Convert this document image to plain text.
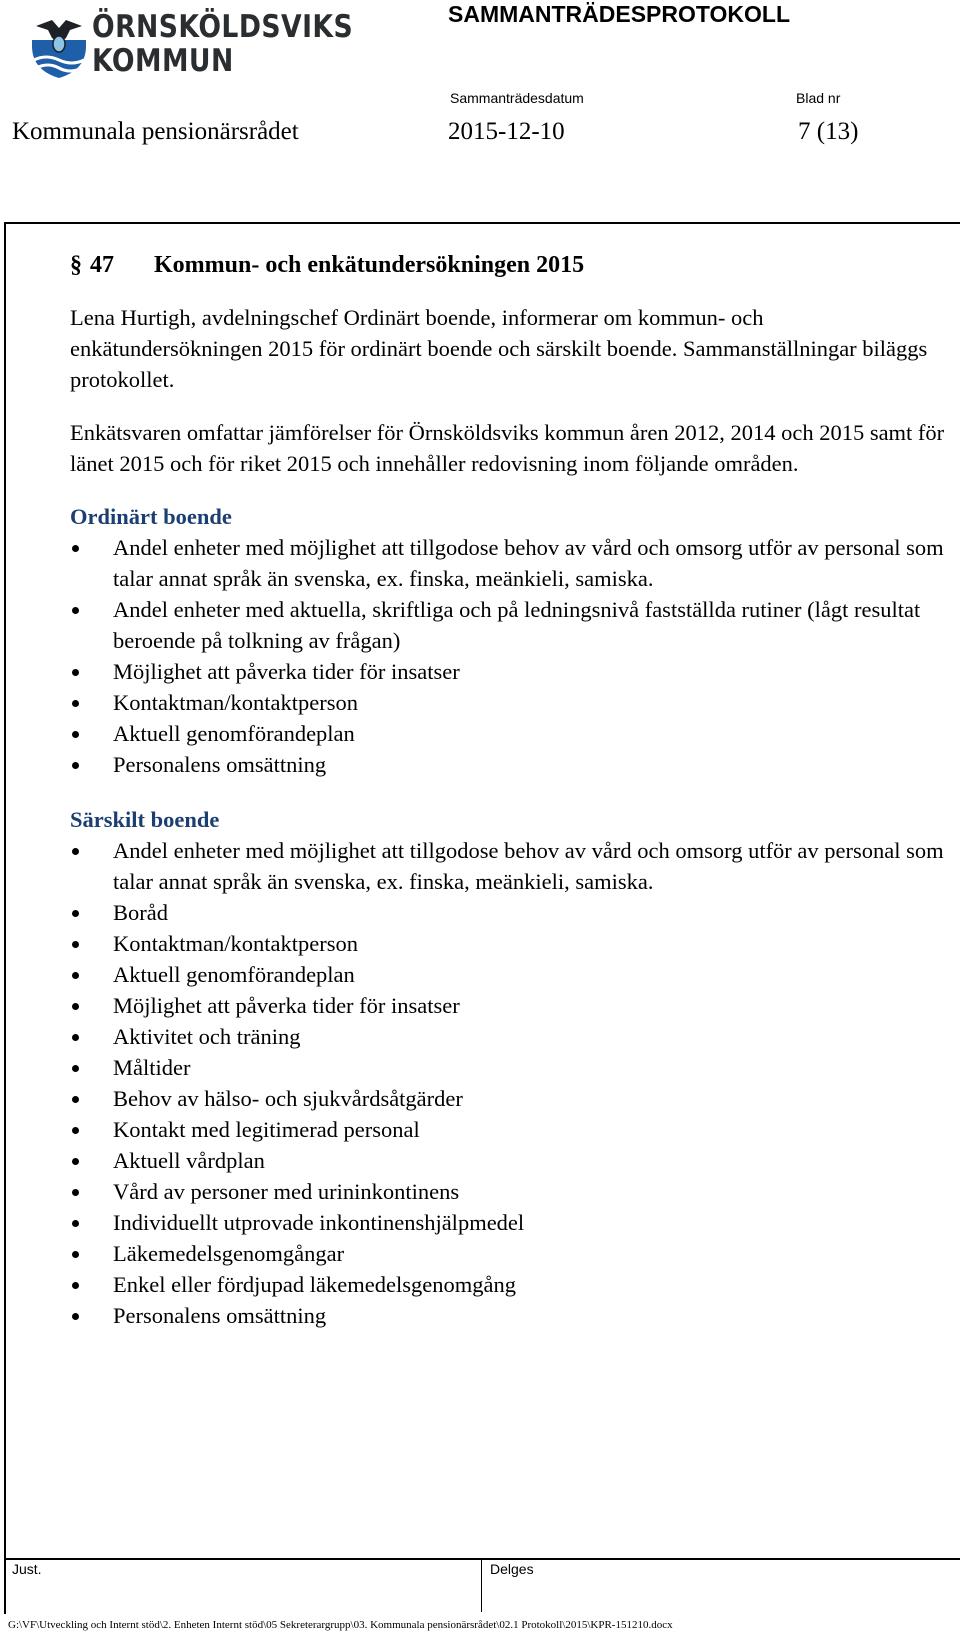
ÖRNSKÖLDSVIKS
KOMMUN
SAMMANTRÄDESPROTOKOLL
Sammanträdesdatum	Blad nr
Kommunala pensionärsrådet	2015-12-10	7 (13)
Just.	Delges
G:\VF\Utveckling och Internt stöd\2. Enheten Internt stöd\05 Sekreterargrupp\03. Kommunala pensionärsrådet\02.1 Protokoll\2015\KPR-151210.docx
§ 47 Kommun- och enkätundersökningen 2015

Lena Hurtigh, avdelningschef Ordinärt boende, informerar om kommun- och enkätundersökningen 2015 för ordinärt boende och särskilt boende. Sammanställningar biläggs protokollet.

Enkätsvaren omfattar jämförelser för Örnsköldsviks kommun åren 2012, 2014 och 2015 samt för länet 2015 och för riket 2015 och innehåller redovisning inom följande områden.

Ordinärt boende
Andel enheter med möjlighet att tillgodose behov av vård och omsorg utför av personal som talar annat språk än svenska, ex. finska, meänkieli, samiska.
Andel enheter med aktuella, skriftliga och på ledningsnivå fastställda rutiner (lågt resultat beroende på tolkning av frågan)
Möjlighet att påverka tider för insatser
Kontaktman/kontaktperson
Aktuell genomförandeplan
Personalens omsättning
Särskilt boende
Andel enheter med möjlighet att tillgodose behov av vård och omsorg utför av personal som talar annat språk än svenska, ex. finska, meänkieli, samiska.
Boråd
Kontaktman/kontaktperson
Aktuell genomförandeplan
Möjlighet att påverka tider för insatser
Aktivitet och träning
Måltider
Behov av hälso- och sjukvårdsåtgärder
Kontakt med legitimerad personal
Aktuell vårdplan
Vård av personer med urininkontinens
Individuellt utprovade inkontinenshjälpmedel
Läkemedelsgenomgångar
Enkel eller fördjupad läkemedelsgenomgång
Personalens omsättning
